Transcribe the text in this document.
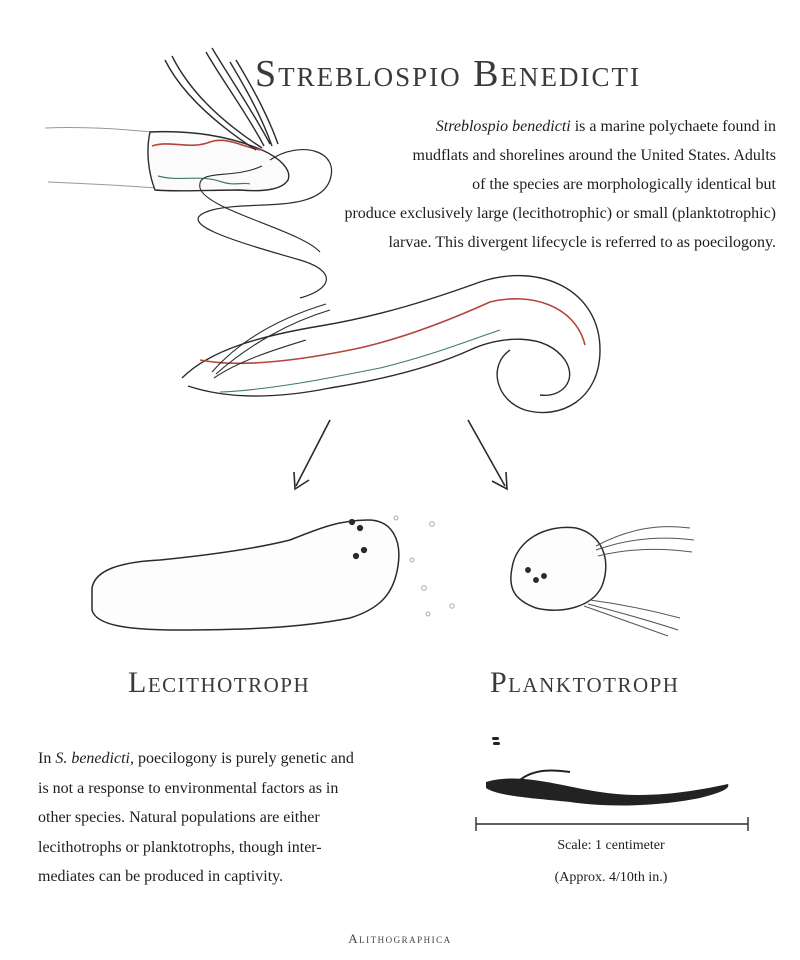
Streblospio Benedicti
Streblospio benedicti is a marine polychaete found in
mudflats and shorelines around the United States. Adults
of the species are morphologically identical but
produce exclusively large (lecithotrophic) or small (planktotrophic)
larvae. This divergent lifecycle is referred to as poecilogony.
Lecithotroph	Planktotroph
In S. benedicti, poecilogony is purely genetic and
is not a response to environmental factors as in
other species. Natural populations are either
lecithotrophs or planktotrophs, though inter-
mediates can be produced in captivity.
Scale: 1 centimeter
(Approx. 4/10th in.)
Alithographica
